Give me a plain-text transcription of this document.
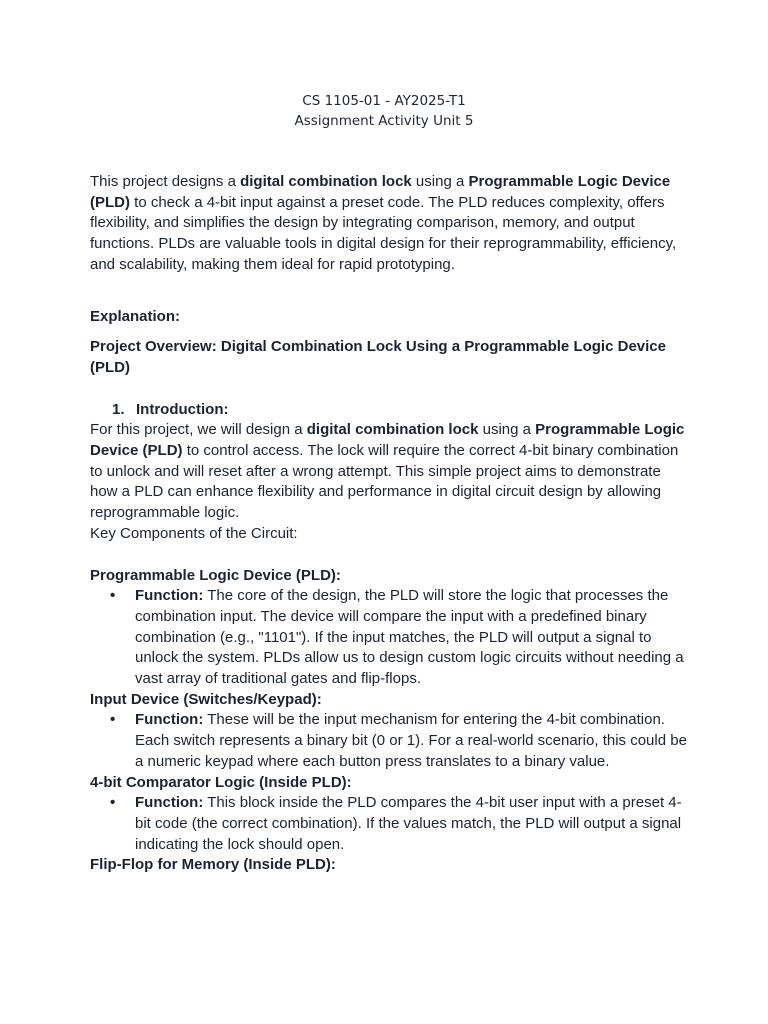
CS 1105-01 - AY2025-T1
Assignment Activity Unit 5

This project designs a digital combination lock using a Programmable Logic Device (PLD) to check a 4-bit input against a preset code. The PLD reduces complexity, offers flexibility, and simplifies the design by integrating comparison, memory, and output functions. PLDs are valuable tools in digital design for their reprogrammability, efficiency, and scalability, making them ideal for rapid prototyping.

Explanation:

Project Overview: Digital Combination Lock Using a Programmable Logic Device (PLD)

1. Introduction:

For this project, we will design a digital combination lock using a Programmable Logic Device (PLD) to control access. The lock will require the correct 4-bit binary combination to unlock and will reset after a wrong attempt. This simple project aims to demonstrate how a PLD can enhance flexibility and performance in digital circuit design by allowing reprogrammable logic.

Key Components of the Circuit:

Programmable Logic Device (PLD):

• Function: The core of the design, the PLD will store the logic that processes the combination input. The device will compare the input with a predefined binary combination (e.g., "1101"). If the input matches, the PLD will output a signal to unlock the system. PLDs allow us to design custom logic circuits without needing a vast array of traditional gates and flip-flops.

Input Device (Switches/Keypad):

• Function: These will be the input mechanism for entering the 4-bit combination. Each switch represents a binary bit (0 or 1). For a real-world scenario, this could be a numeric keypad where each button press translates to a binary value.

4-bit Comparator Logic (Inside PLD):

• Function: This block inside the PLD compares the 4-bit user input with a preset 4-bit code (the correct combination). If the values match, the PLD will output a signal indicating the lock should open.

Flip-Flop for Memory (Inside PLD):
